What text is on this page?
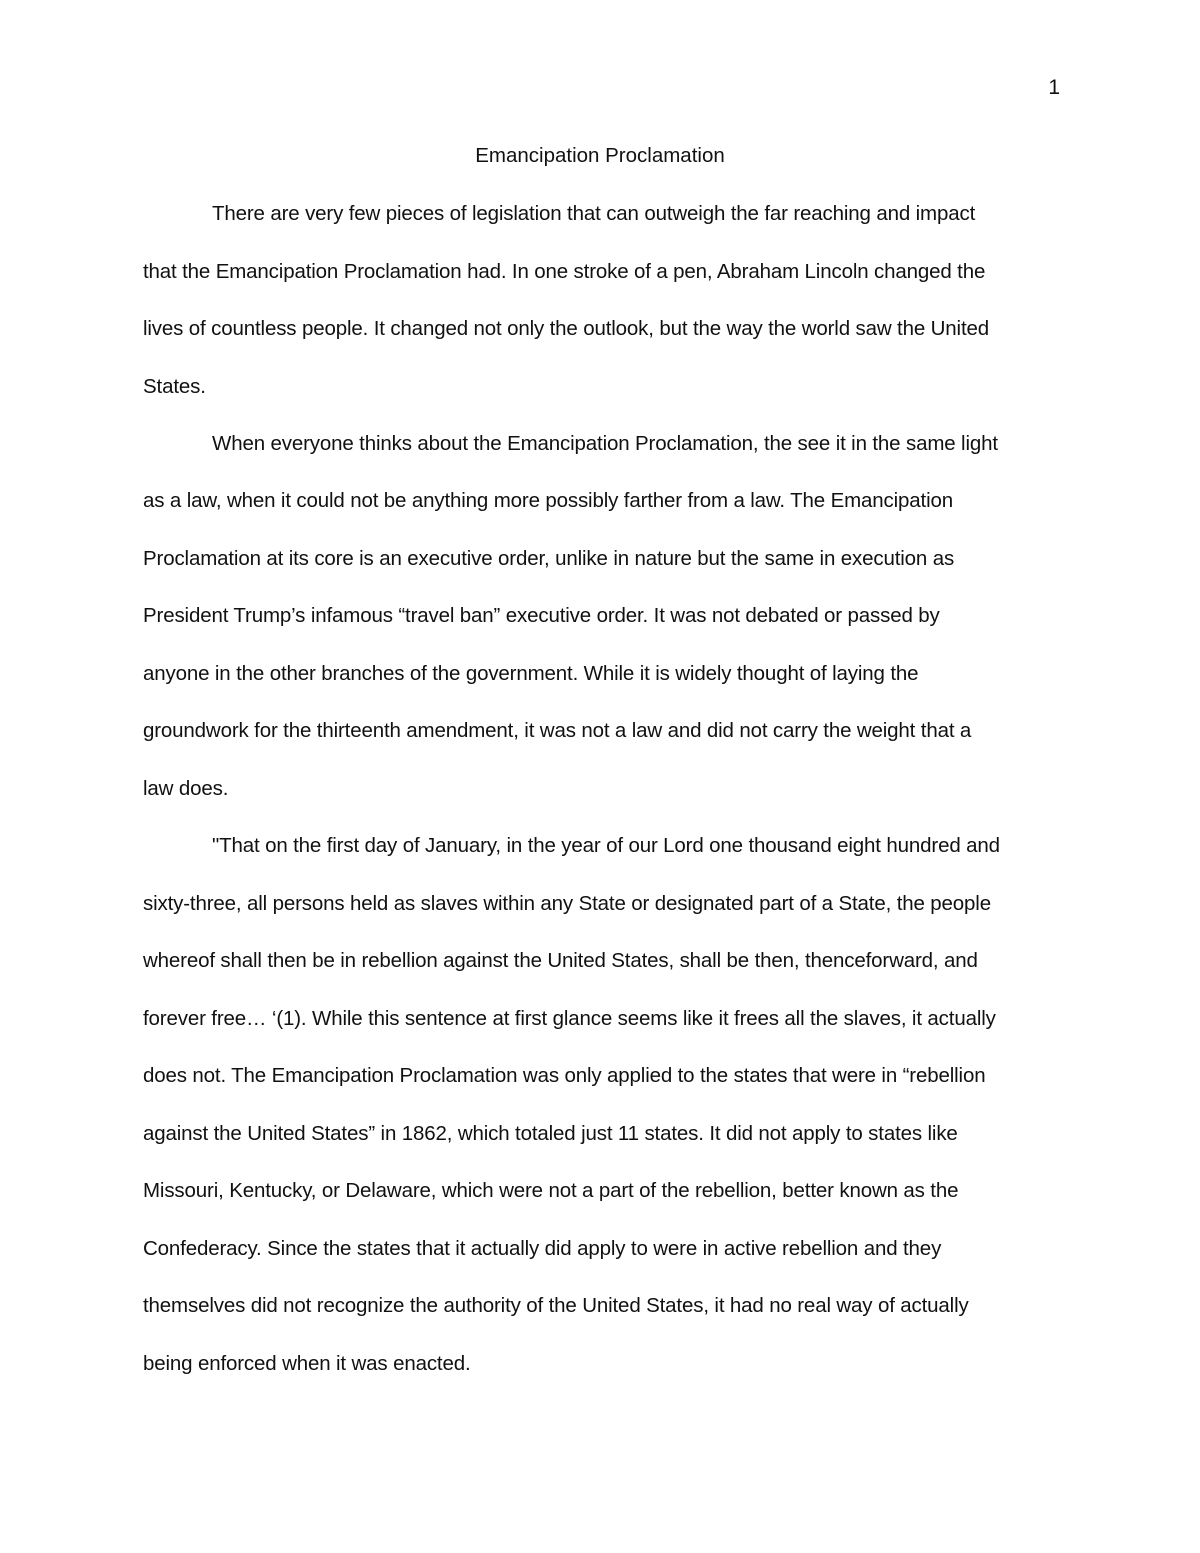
1
Emancipation Proclamation
There are very few pieces of legislation that can outweigh the far reaching and impact
that the Emancipation Proclamation had. In one stroke of a pen, Abraham Lincoln changed the
lives of countless people. It changed not only the outlook, but the way the world saw the United
States.
When everyone thinks about the Emancipation Proclamation, the see it in the same light
as a law, when it could not be anything more possibly farther from a law. The Emancipation
Proclamation at its core is an executive order, unlike in nature but the same in execution as
President Trump’s infamous “travel ban” executive order. It was not debated or passed by
anyone in the other branches of the government. While it is widely thought of laying the
groundwork for the thirteenth amendment, it was not a law and did not carry the weight that a
law does.
"That on the first day of January, in the year of our Lord one thousand eight hundred and
sixty-three, all persons held as slaves within any State or designated part of a State, the people
whereof shall then be in rebellion against the United States, shall be then, thenceforward, and
forever free… ‘(1). While this sentence at first glance seems like it frees all the slaves, it actually
does not. The Emancipation Proclamation was only applied to the states that were in “rebellion
against the United States” in 1862, which totaled just 11 states. It did not apply to states like
Missouri, Kentucky, or Delaware, which were not a part of the rebellion, better known as the
Confederacy. Since the states that it actually did apply to were in active rebellion and they
themselves did not recognize the authority of the United States, it had no real way of actually
being enforced when it was enacted.
